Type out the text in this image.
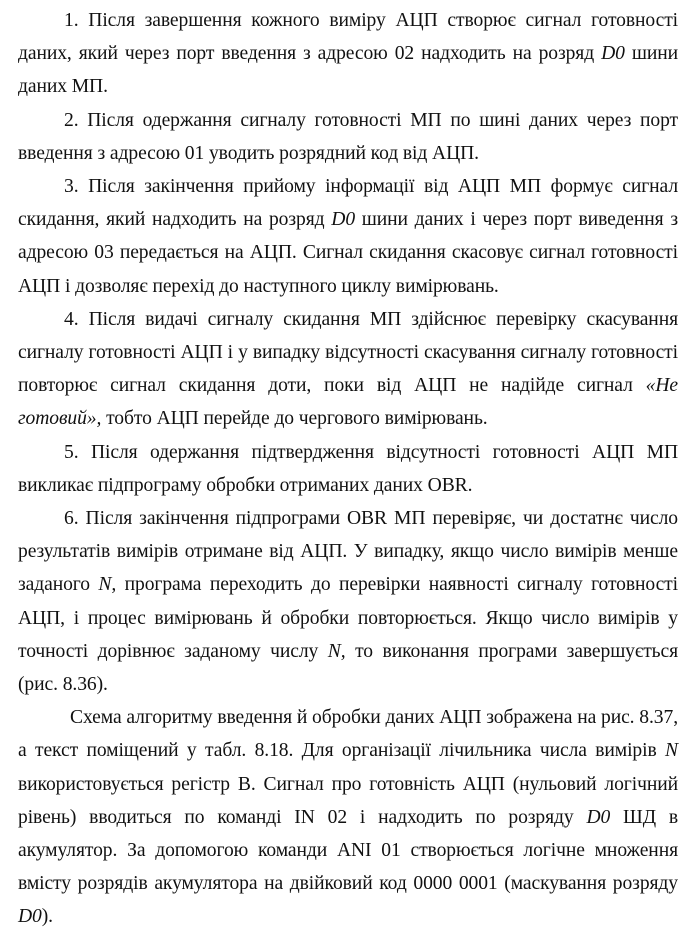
1. Після завершення кожного виміру АЦП створює сигнал готовності даних, який через порт введення з адресою 02 надходить на розряд D0 шини даних МП.

2. Після одержання сигналу готовності МП по шині даних через порт введення з адресою 01 уводить розрядний код від АЦП.

3. Після закінчення прийому інформації від АЦП МП формує сигнал скидання, який надходить на розряд D0 шини даних і через порт виведення з адресою 03 передається на АЦП. Сигнал скидання скасовує сигнал готовності АЦП і дозволяє перехід до наступного циклу вимірювань.

4. Після видачі сигналу скидання МП здійснює перевірку скасування сигналу готовності АЦП і у випадку відсутності скасування сигналу готовності повторює сигнал скидання доти, поки від АЦП не надійде сигнал «Не готовий», тобто АЦП перейде до чергового вимірювань.

5. Після одержання підтвердження відсутності готовності АЦП МП викликає підпрограму обробки отриманих даних OBR.

6. Після закінчення підпрограми OBR МП перевіряє, чи достатнє число результатів вимірів отримане від АЦП. У випадку, якщо число вимірів менше заданого N, програма переходить до перевірки наявності сигналу готовності АЦП, і процес вимірювань й обробки повторюється. Якщо число вимірів у точності дорівнює заданому числу N, то виконання програми завершується (рис. 8.36).

Схема алгоритму введення й обробки даних АЦП зображена на рис. 8.37, а текст поміщений у табл. 8.18. Для організації лічильника числа вимірів N використовується регістр В. Сигнал про готовність АЦП (нульовий логічний рівень) вводиться по команді IN 02 і надходить по розряду D0 ШД в акумулятор. За допомогою команди ANI 01 створюється логічне множення вмісту розрядів акумулятора на двійковий код 0000 0001 (маскування розряду D0).
